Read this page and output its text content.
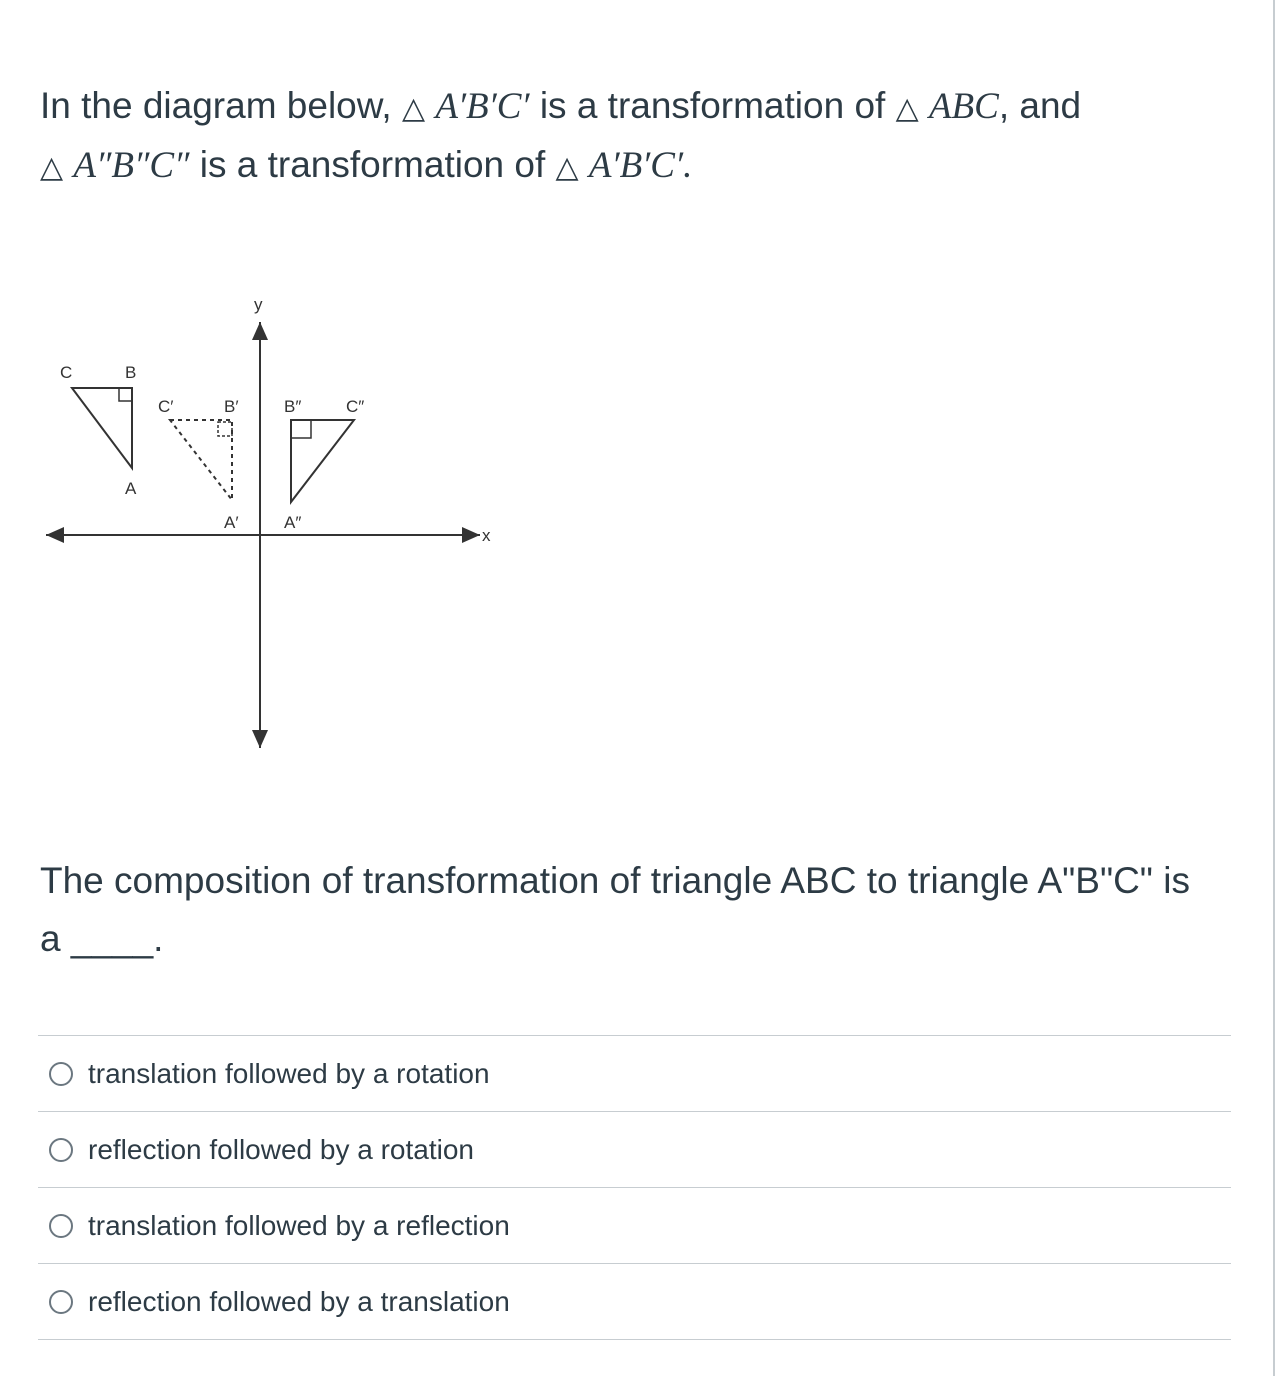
In the diagram below, △ A′B′C′ is a transformation of △ ABC, and
△ A″B″C″ is a transformation of △ A′B′C′.
x
y
C	B
A
C′	B′
A′
B″	C″
A″
The composition of transformation of triangle ABC to triangle A"B"C" is
a ____.
translation followed by a rotation
reflection followed by a rotation
translation followed by a reflection
reflection followed by a translation
